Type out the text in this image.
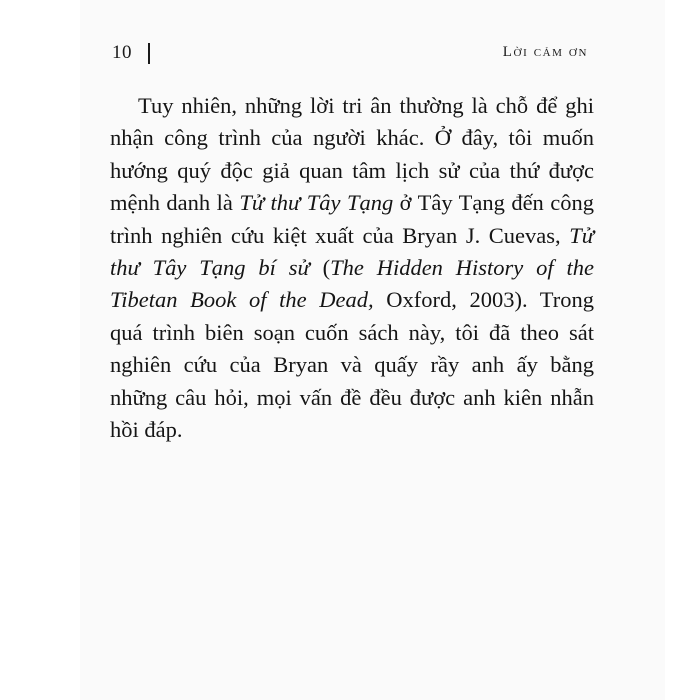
10	Lời cảm ơn
Tuy nhiên, những lời tri ân thường là chỗ để ghi
nhận công trình của người khác. Ở đây, tôi muốn
hướng quý độc giả quan tâm lịch sử của thứ được
mệnh danh là Tử thư Tây Tạng ở Tây Tạng đến công
trình nghiên cứu kiệt xuất của Bryan J. Cuevas, Tử
thư Tây Tạng bí sử (The Hidden History of the
Tibetan Book of the Dead, Oxford, 2003). Trong
quá trình biên soạn cuốn sách này, tôi đã theo sát
nghiên cứu của Bryan và quấy rầy anh ấy bằng
những câu hỏi, mọi vấn đề đều được anh kiên nhẫn
hồi đáp.
